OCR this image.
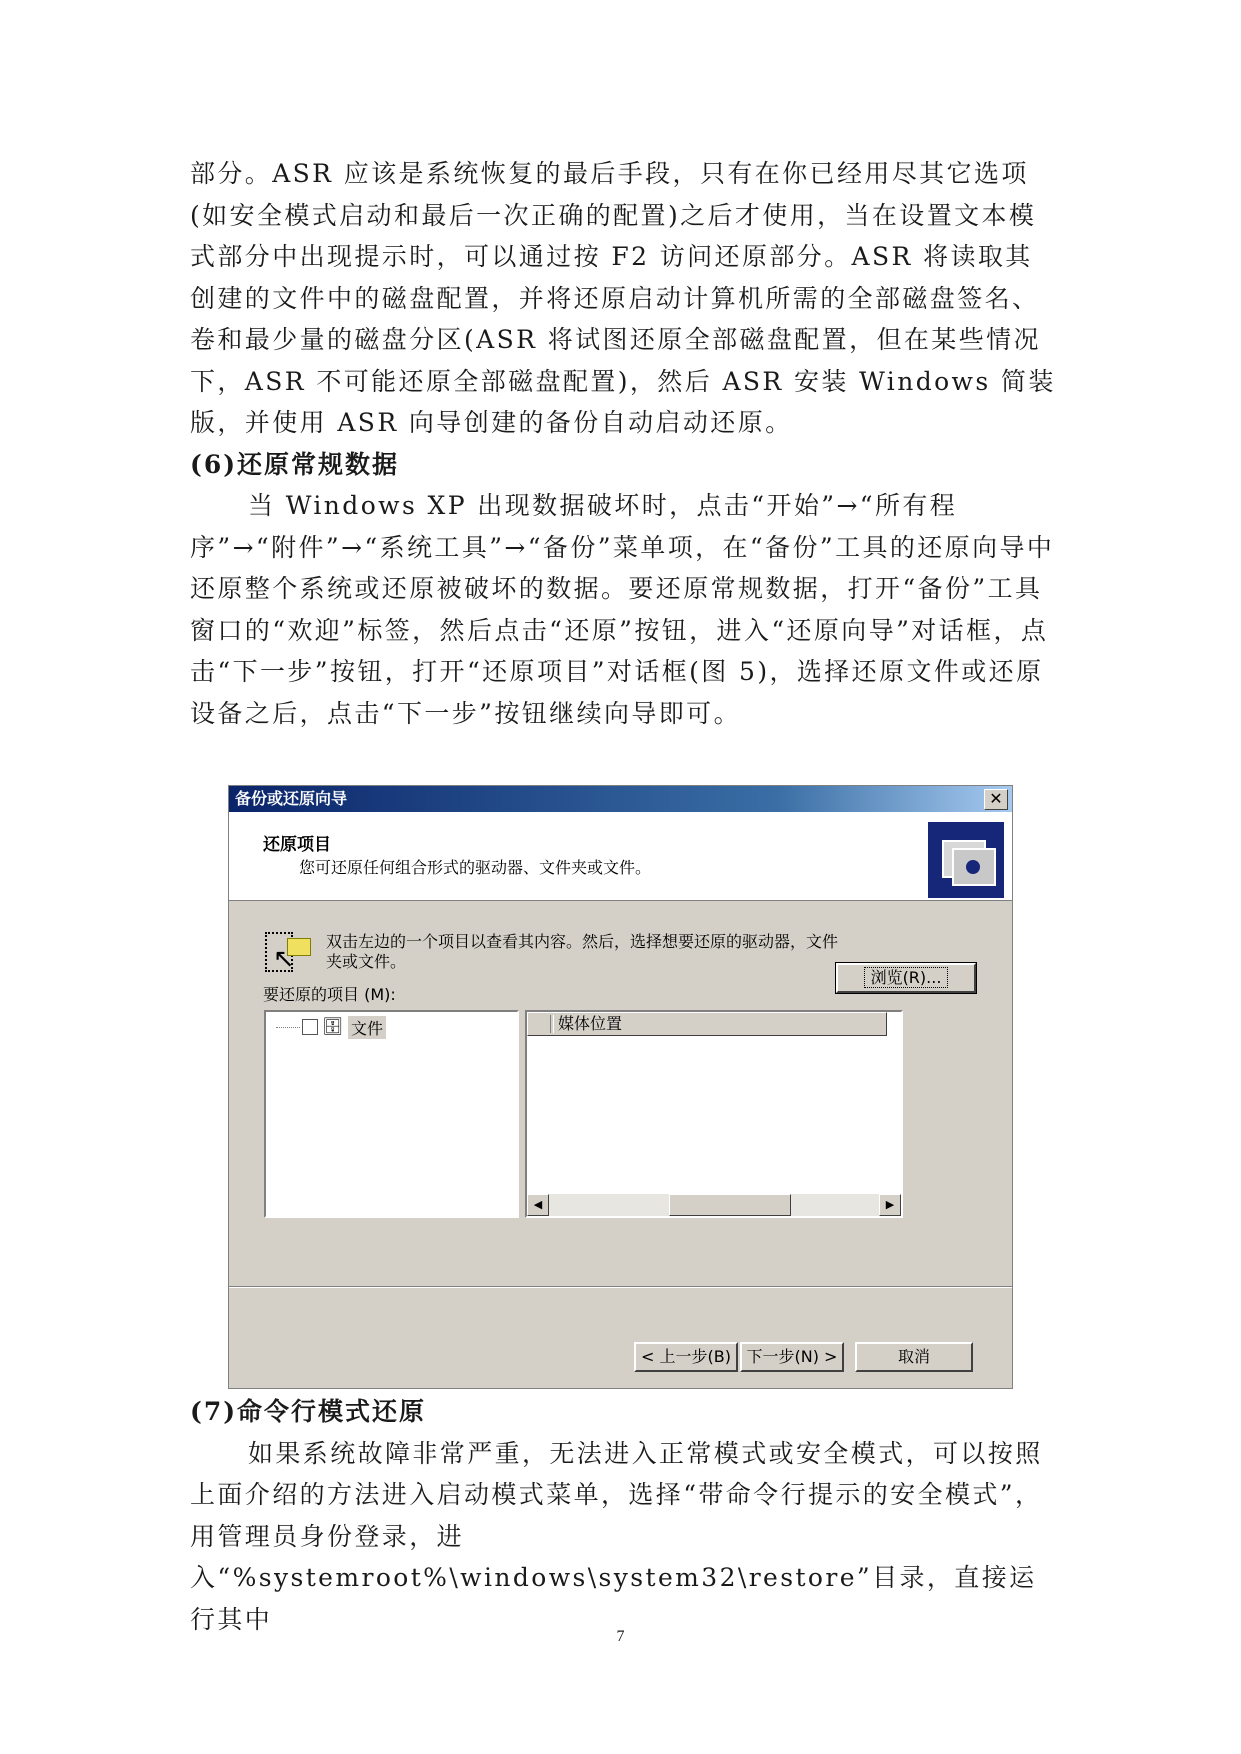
部分。ASR 应该是系统恢复的最后手段，只有在你已经用尽其它选项(如安全模式启动和最后一次正确的配置)之后才使用，当在设置文本模式部分中出现提示时，可以通过按 F2 访问还原部分。ASR 将读取其创建的文件中的磁盘配置，并将还原启动计算机所需的全部磁盘签名、卷和最少量的磁盘分区(ASR 将试图还原全部磁盘配置，但在某些情况下，ASR 不可能还原全部磁盘配置)，然后 ASR 安装 Windows 简装版，并使用 ASR 向导创建的备份自动启动还原。

(6)还原常规数据

当 Windows XP 出现数据破坏时，点击“开始”→“所有程序”→“附件”→“系统工具”→“备份”菜单项，在“备份”工具的还原向导中还原整个系统或还原被破坏的数据。要还原常规数据，打开“备份”工具窗口的“欢迎”标签，然后点击“还原”按钮，进入“还原向导”对话框，点击“下一步”按钮，打开“还原项目”对话框(图 5)，选择还原文件或还原设备之后，点击“下一步”按钮继续向导即可。

备份或还原向导	✕
还原项目
您可还原任何组合形式的驱动器、文件夹或文件。
↖
双击左边的一个项目以查看其内容。然后，选择想要还原的驱动器，文件夹或文件。
浏览(R)...
要还原的项目 (M):
🗄 文件	媒体位置
◀	▶
< 上一步(B) 下一步(N) >	取消

(7)命令行模式还原

如果系统故障非常严重，无法进入正常模式或安全模式，可以按照上面介绍的方法进入启动模式菜单，选择“带命令行提示的安全模式”，用管理员身份登录，进入“%systemroot%\windows\system32\restore”目录，直接运行其中

7
